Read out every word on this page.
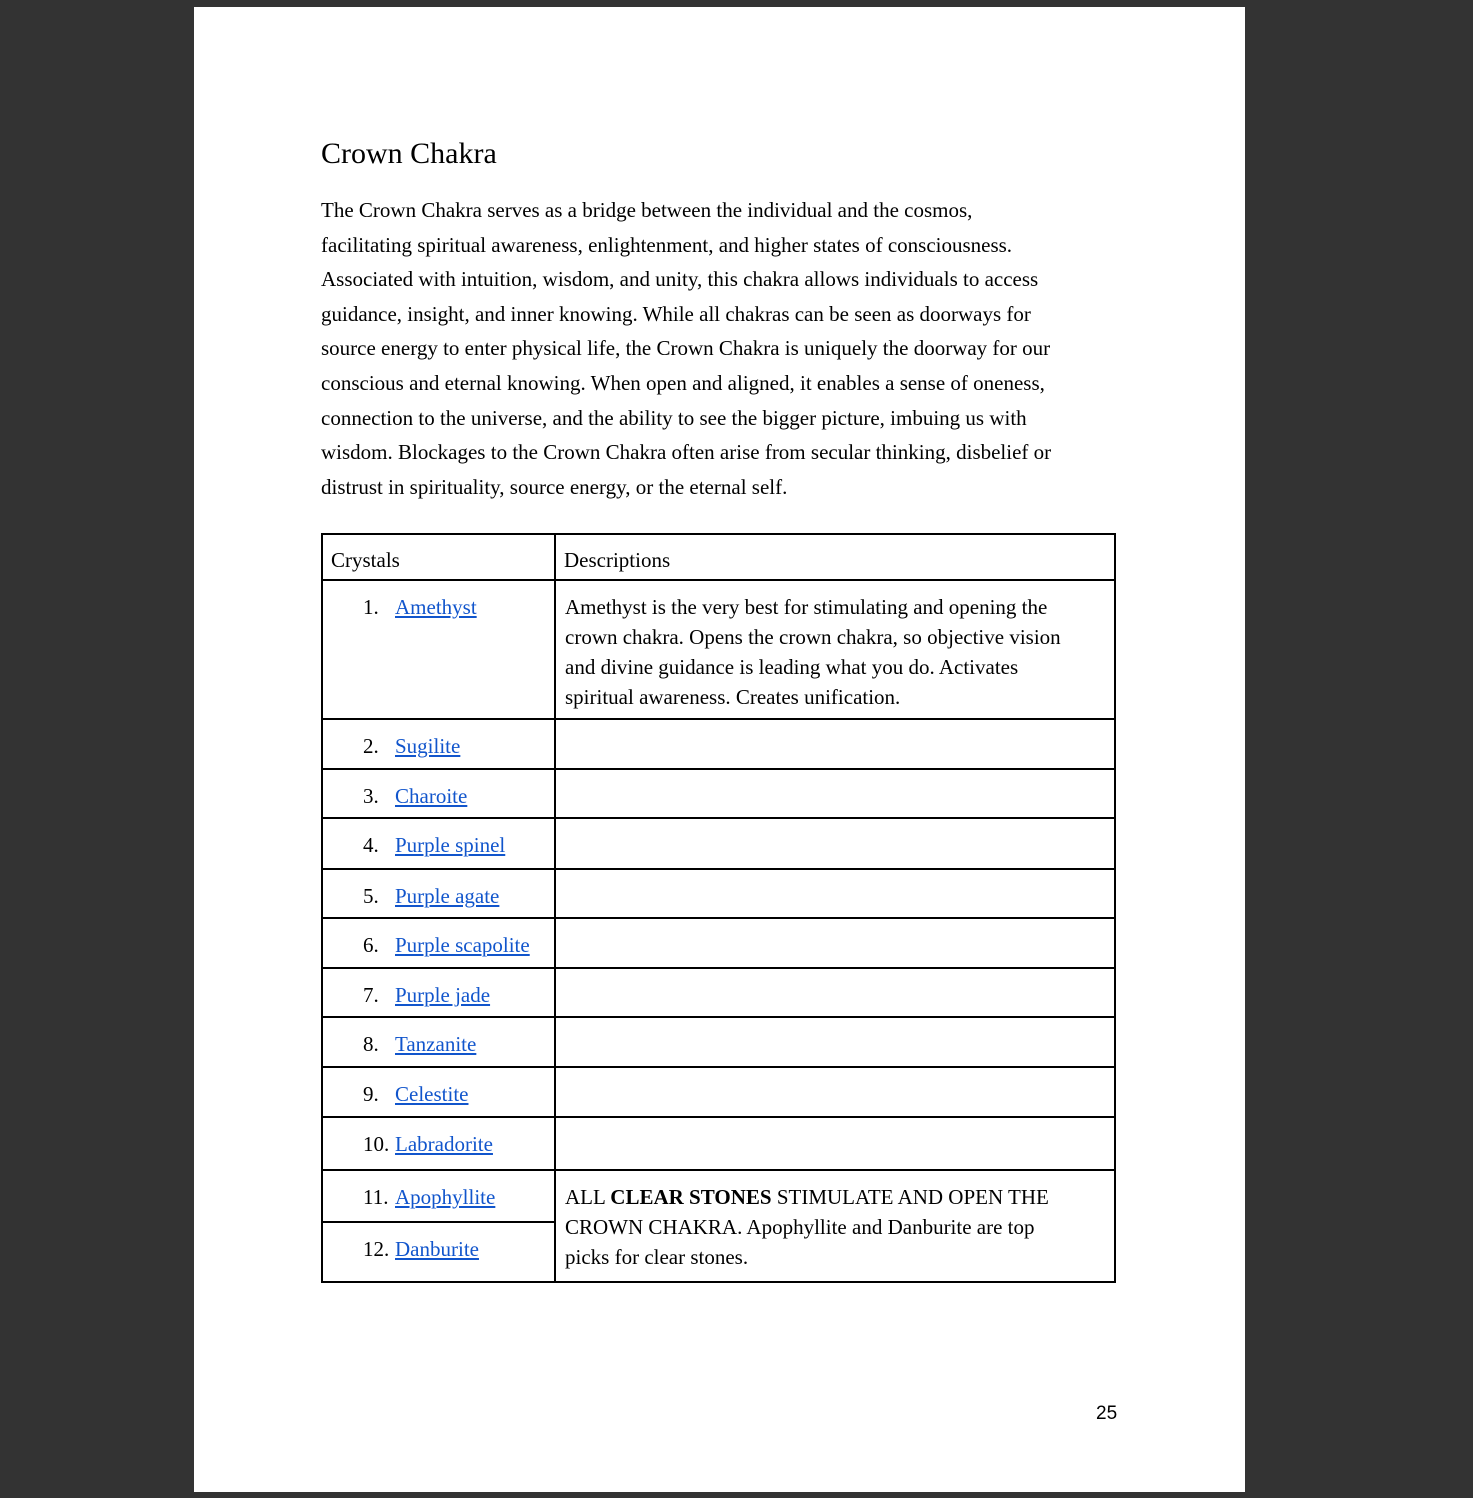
Crown Chakra
The Crown Chakra serves as a bridge between the individual and the cosmos,
facilitating spiritual awareness, enlightenment, and higher states of consciousness.
Associated with intuition, wisdom, and unity, this chakra allows individuals to access
guidance, insight, and inner knowing. While all chakras can be seen as doorways for
source energy to enter physical life, the Crown Chakra is uniquely the doorway for our
conscious and eternal knowing. When open and aligned, it enables a sense of oneness,
connection to the universe, and the ability to see the bigger picture, imbuing us with
wisdom. Blockages to the Crown Chakra often arise from secular thinking, disbelief or
distrust in spirituality, source energy, or the eternal self.
Crystals	Descriptions

1. Amethyst	Amethyst is the very best for stimulating and opening the
crown chakra. Opens the crown chakra, so objective vision
and divine guidance is leading what you do. Activates
spiritual awareness. Creates unification.

2. Sugilite	

3. Charoite	

4. Purple spinel	

5. Purple agate	

6. Purple scapolite	

7. Purple jade	

8. Tanzanite	

9. Celestite	

10. Labradorite	

11. Apophyllite	ALL CLEAR STONES STIMULATE AND OPEN THE
CROWN CHAKRA. Apophyllite and Danburite are top
picks for clear stones.

12. Danburite	
25
